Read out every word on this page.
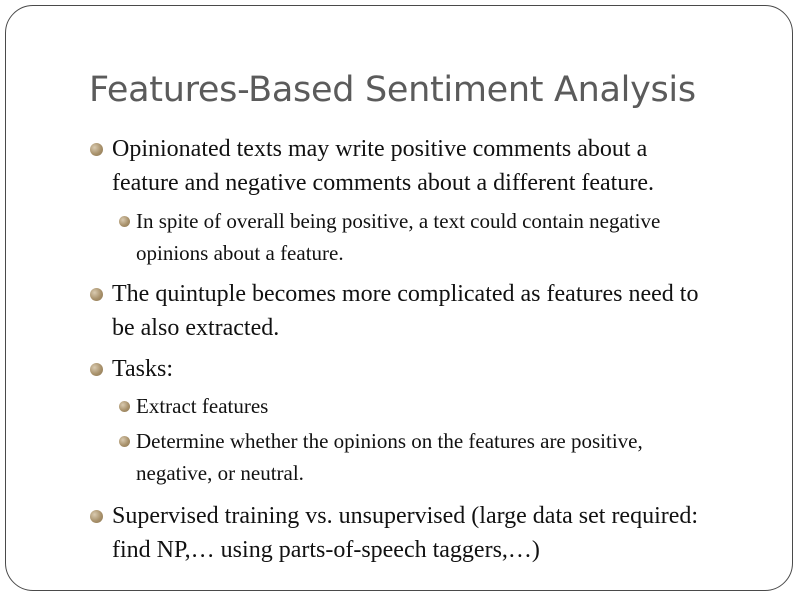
Features-Based Sentiment Analysis
Opinionated texts may write positive comments about a
feature and negative comments about a different feature.
In spite of overall being positive, a text could contain negative
opinions about a feature.
The quintuple becomes more complicated as features need to
be also extracted.
Tasks:
Extract features
Determine whether the opinions on the features are positive,
negative, or neutral.
Supervised training vs. unsupervised (large data set required:
find NP,… using parts-of-speech taggers,…)
